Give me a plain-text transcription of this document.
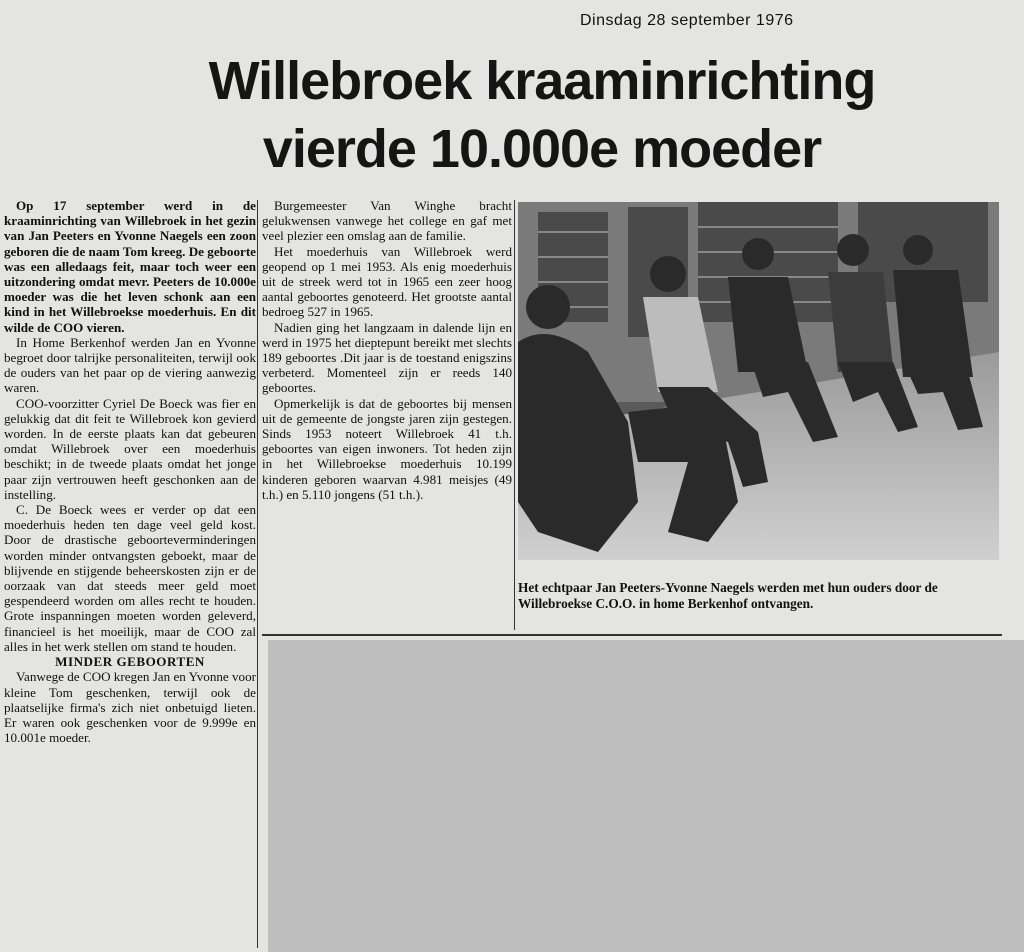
Dinsdag 28 september 1976
Willebroek kraaminrichting
vierde 10.000e moeder

Op 17 september werd in de kraaminrichting van Willebroek in het gezin van Jan Peeters en Yvonne Naegels een zoon geboren die de naam Tom kreeg. De geboorte was een alledaags feit, maar toch weer een uitzondering omdat mevr. Peeters de 10.000e moeder was die het leven schonk aan een kind in het Willebroekse moederhuis. En dit wilde de COO vieren.

In Home Berkenhof werden Jan en Yvonne begroet door talrijke personaliteiten, terwijl ook de ouders van het paar op de viering aanwezig waren.

COO-voorzitter Cyriel De Boeck was fier en gelukkig dat dit feit te Willebroek kon gevierd worden. In de eerste plaats kan dat gebeuren omdat Willebroek over een moederhuis beschikt; in de tweede plaats omdat het jonge paar zijn vertrouwen heeft geschonken aan de instelling.

C. De Boeck wees er verder op dat een moederhuis heden ten dage veel geld kost. Door de drastische geboorteverminderingen worden minder ontvangsten geboekt, maar de blijvende en stijgende beheerskosten zijn er de oorzaak van dat steeds meer geld moet gespendeerd worden om alles recht te houden. Grote inspanningen moeten worden geleverd, financieel is het moeilijk, maar de COO zal alles in het werk stellen om stand te houden.

MINDER GEBOORTEN

Vanwege de COO kregen Jan en Yvonne voor kleine Tom geschenken, terwijl ook de plaatselijke firma's zich niet onbetuigd lieten. Er waren ook geschenken voor de 9.999e en 10.001e moeder.

Burgemeester Van Winghe bracht gelukwensen vanwege het college en gaf met veel plezier een omslag aan de familie.

Het moederhuis van Willebroek werd geopend op 1 mei 1953. Als enig moederhuis uit de streek werd tot in 1965 een zeer hoog aantal geboortes genoteerd. Het grootste aantal bedroeg 527 in 1965.

Nadien ging het langzaam in dalende lijn en werd in 1975 het dieptepunt bereikt met slechts 189 geboortes .Dit jaar is de toestand enigszins verbeterd. Momenteel zijn er reeds 140 geboortes.

Opmerkelijk is dat de geboortes bij mensen uit de gemeente de jongste jaren zijn gestegen. Sinds 1953 noteert Willebroek 41 t.h. geboortes van eigen inwoners. Tot heden zijn in het Willebroekse moederhuis 10.199 kinderen geboren waarvan 4.981 meisjes (49 t.h.) en 5.110 jongens (51 t.h.).

Het echtpaar Jan Peeters-Yvonne Naegels werden met hun ouders door de Willebroekse C.O.O. in home Berkenhof ontvangen.
